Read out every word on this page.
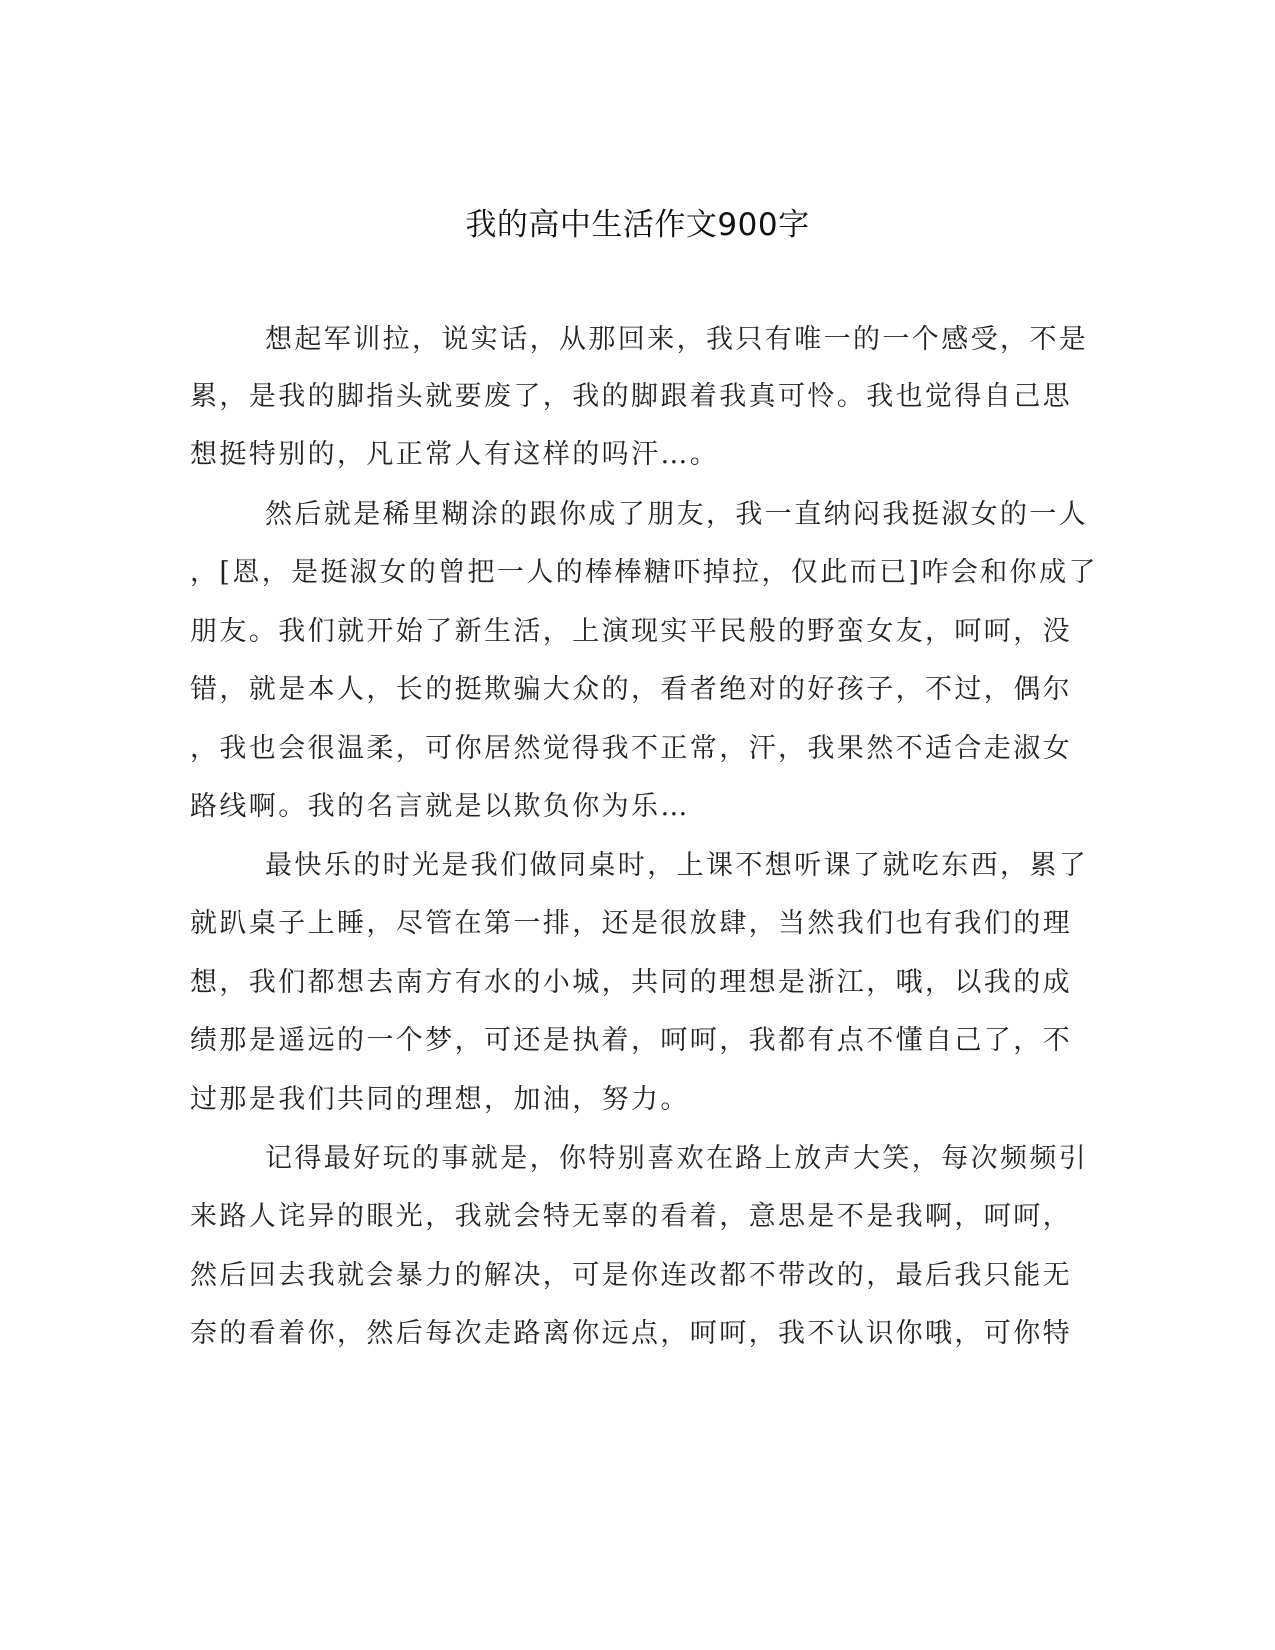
我的高中生活作文900字
想起军训拉，说实话，从那回来，我只有唯一的一个感受，不是
累，是我的脚指头就要废了，我的脚跟着我真可怜。我也觉得自己思
想挺特别的，凡正常人有这样的吗汗…。
然后就是稀里糊涂的跟你成了朋友，我一直纳闷我挺淑女的一人
，[恩，是挺淑女的曾把一人的棒棒糖吓掉拉，仅此而已]咋会和你成了
朋友。我们就开始了新生活，上演现实平民般的野蛮女友，呵呵，没
错，就是本人，长的挺欺骗大众的，看者绝对的好孩子，不过，偶尔
，我也会很温柔，可你居然觉得我不正常，汗，我果然不适合走淑女
路线啊。我的名言就是以欺负你为乐…
最快乐的时光是我们做同桌时，上课不想听课了就吃东西，累了
就趴桌子上睡，尽管在第一排，还是很放肆，当然我们也有我们的理
想，我们都想去南方有水的小城，共同的理想是浙江，哦，以我的成
绩那是遥远的一个梦，可还是执着，呵呵，我都有点不懂自己了，不
过那是我们共同的理想，加油，努力。
记得最好玩的事就是，你特别喜欢在路上放声大笑，每次频频引
来路人诧异的眼光，我就会特无辜的看着，意思是不是我啊，呵呵，
然后回去我就会暴力的解决，可是你连改都不带改的，最后我只能无
奈的看着你，然后每次走路离你远点，呵呵，我不认识你哦，可你特
